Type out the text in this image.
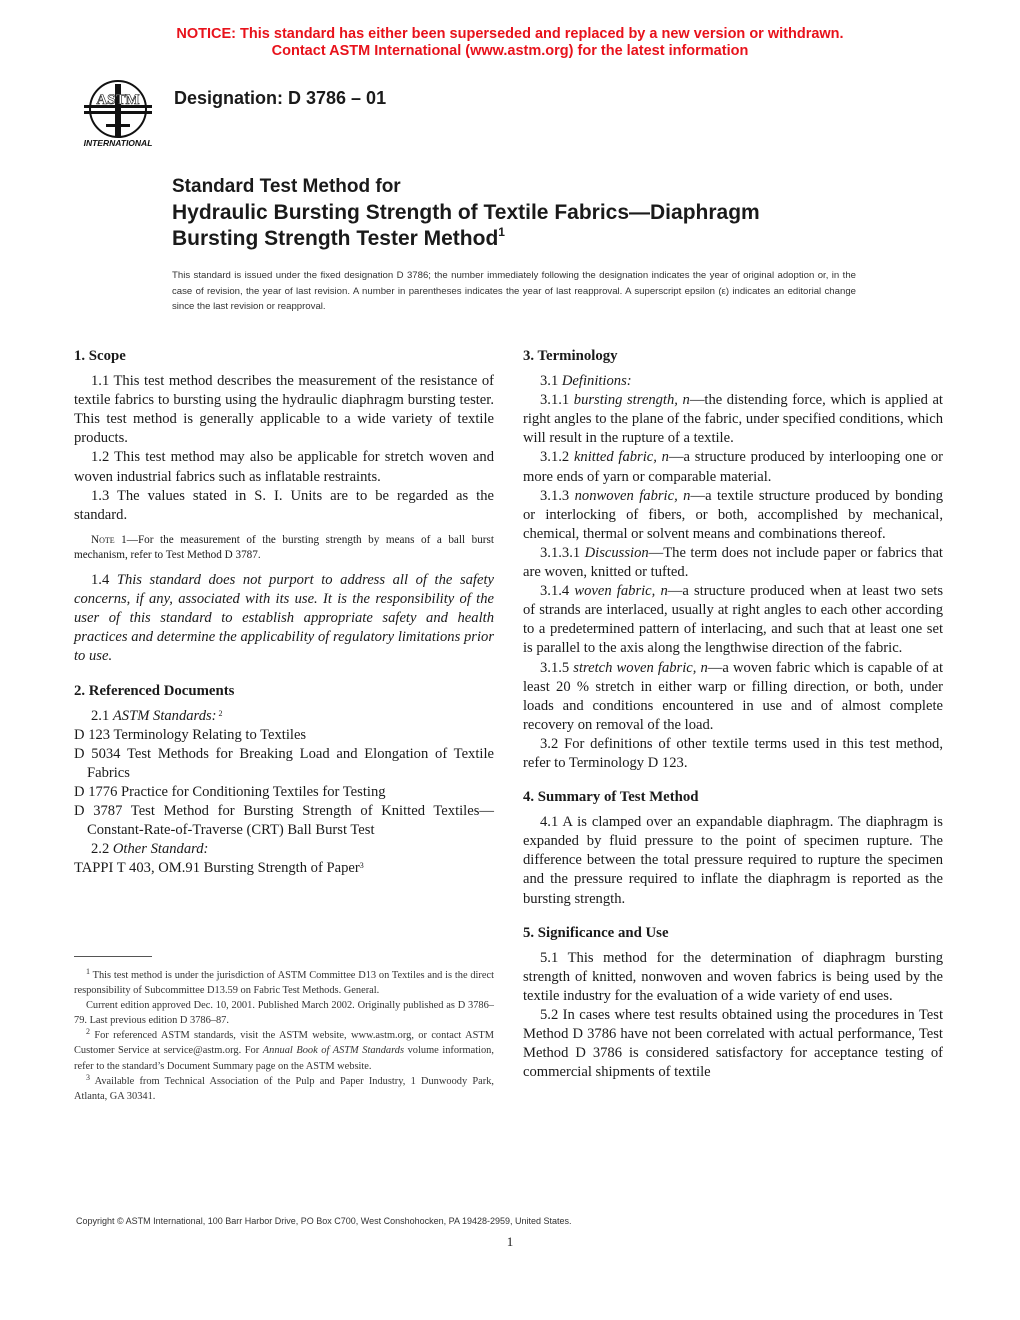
NOTICE: This standard has either been superseded and replaced by a new version or withdrawn.
Contact ASTM International (www.astm.org) for the latest information
ASTM
INTERNATIONAL
Designation: D 3786 – 01
Standard Test Method for
Hydraulic Bursting Strength of Textile Fabrics—Diaphragm
Bursting Strength Tester Method$^1$
This standard is issued under the fixed designation D 3786; the number immediately following the designation indicates the year of original adoption or, in the case of revision, the year of last revision. A number in parentheses indicates the year of last reapproval. A superscript epsilon (ε) indicates an editorial change since the last revision or reapproval.
1. Scope

1.1 This test method describes the measurement of the resistance of textile fabrics to bursting using the hydraulic diaphragm bursting tester. This test method is generally applicable to a wide variety of textile products.

1.2 This test method may also be applicable for stretch woven and woven industrial fabrics such as inflatable restraints.

1.3 The values stated in S. I. Units are to be regarded as the standard.

Note 1—For the measurement of the bursting strength by means of a ball burst mechanism, refer to Test Method D 3787.

1.4 This standard does not purport to address all of the safety concerns, if any, associated with its use. It is the responsibility of the user of this standard to establish appropriate safety and health practices and determine the applicability of regulatory limitations prior to use.

2. Referenced Documents

2.1 ASTM Standards: $^2$

D 123 Terminology Relating to Textiles

D 5034 Test Methods for Breaking Load and Elongation of Textile Fabrics
D 1776 Practice for Conditioning Textiles for Testing
D 3787 Test Method for Bursting Strength of Knitted Textiles—Constant-Rate-of-Traverse (CRT) Ball Burst Test

2.2 Other Standard:

TAPPI T 403, OM.91 Bursting Strength of Paper$^3$
3. Terminology

3.1 Definitions:

3.1.1 bursting strength, n—the distending force, which is applied at right angles to the plane of the fabric, under specified conditions, which will result in the rupture of a textile.

3.1.2 knitted fabric, n—a structure produced by interlooping one or more ends of yarn or comparable material.

3.1.3 nonwoven fabric, n—a textile structure produced by bonding or interlocking of fibers, or both, accomplished by mechanical, chemical, thermal or solvent means and combinations thereof.

3.1.3.1 Discussion—The term does not include paper or fabrics that are woven, knitted or tufted.

3.1.4 woven fabric, n—a structure produced when at least two sets of strands are interlaced, usually at right angles to each other according to a predetermined pattern of interlacing, and such that at least one set is parallel to the axis along the lengthwise direction of the fabric.

3.1.5 stretch woven fabric, n—a woven fabric which is capable of at least 20 % stretch in either warp or filling direction, or both, under loads and conditions encountered in use and of almost complete recovery on removal of the load.

3.2 For definitions of other textile terms used in this test method, refer to Terminology D 123.

4. Summary of Test Method

4.1 A is clamped over an expandable diaphragm. The diaphragm is expanded by fluid pressure to the point of specimen rupture. The difference between the total pressure required to rupture the specimen and the pressure required to inflate the diaphragm is reported as the bursting strength.

5. Significance and Use

5.1 This method for the determination of diaphragm bursting strength of knitted, nonwoven and woven fabrics is being used by the textile industry for the evaluation of a wide variety of end uses.

5.2 In cases where test results obtained using the procedures in Test Method D 3786 have not been correlated with actual performance, Test Method D 3786 is considered satisfactory for acceptance testing of commercial shipments of textile

$^1$ This test method is under the jurisdiction of ASTM Committee D13 on Textiles and is the direct responsibility of Subcommittee D13.59 on Fabric Test Methods. General.

Current edition approved Dec. 10, 2001. Published March 2002. Originally published as D 3786–79. Last previous edition D 3786–87.

$^2$ For referenced ASTM standards, visit the ASTM website, www.astm.org, or contact ASTM Customer Service at service@astm.org. For Annual Book of ASTM Standards volume information, refer to the standard’s Document Summary page on the ASTM website.

$^3$ Available from Technical Association of the Pulp and Paper Industry, 1 Dunwoody Park, Atlanta, GA 30341.

Copyright © ASTM International, 100 Barr Harbor Drive, PO Box C700, West Conshohocken, PA 19428-2959, United States.
1
